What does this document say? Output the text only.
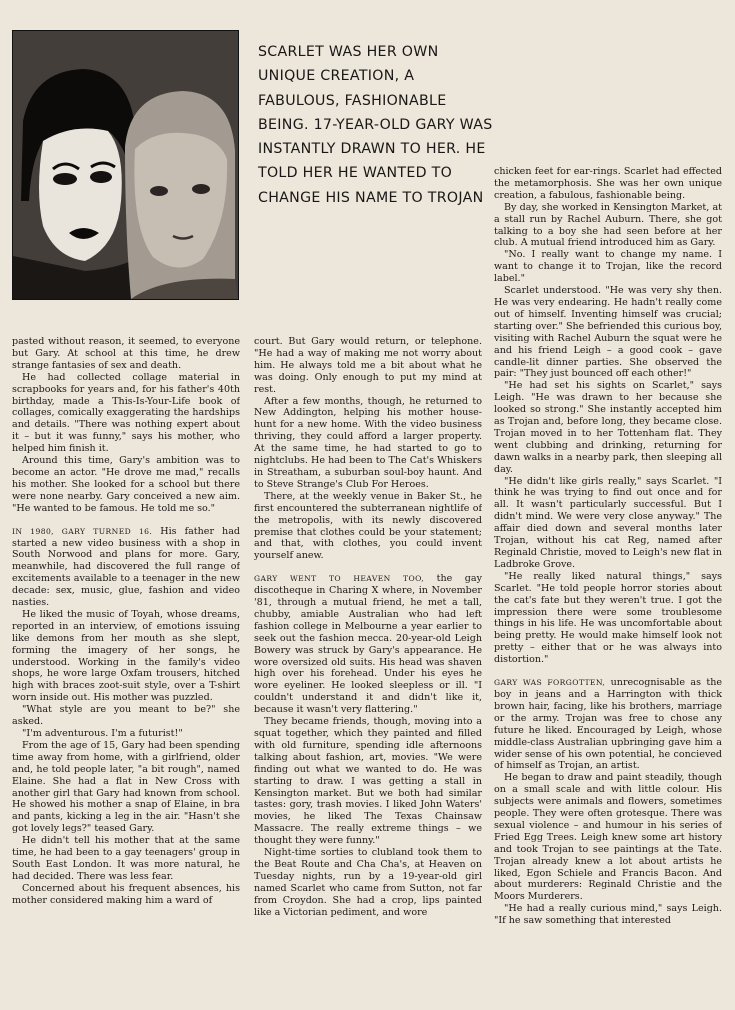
SCARLET WAS HER OWN UNIQUE CREATION, A FABULOUS, FASHIONABLE BEING. 17-YEAR-OLD GARY WAS INSTANTLY DRAWN TO HER. HE TOLD HER HE WANTED TO CHANGE HIS NAME TO TROJAN

pasted without reason, it seemed, to everyone but Gary. At school at this time, he drew strange fantasies of sex and death.

He had collected collage material in scrapbooks for years and, for his father's 40th birthday, made a This-Is-Your-Life book of collages, comically exaggerating the hardships and details. "There was nothing expert about it – but it was funny," says his mother, who helped him finish it.

Around this time, Gary's ambition was to become an actor. "He drove me mad," recalls his mother. She looked for a school but there were none nearby. Gary conceived a new aim. "He wanted to be famous. He told me so."

IN 1980, GARY TURNED 16. His father had started a new video business with a shop in South Norwood and plans for more. Gary, meanwhile, had discovered the full range of excitements available to a teenager in the new decade: sex, music, glue, fashion and video nasties.

He liked the music of Toyah, whose dreams, reported in an interview, of emotions issuing like demons from her mouth as she slept, forming the imagery of her songs, he understood. Working in the family's video shops, he wore large Oxfam trousers, hitched high with braces zoot-suit style, over a T-shirt worn inside out. His mother was puzzled.

"What style are you meant to be?" she asked.

"I'm adventurous. I'm a futurist!"

From the age of 15, Gary had been spending time away from home, with a girlfriend, older and, he told people later, "a bit rough", named Elaine. She had a flat in New Cross with another girl that Gary had known from school. He showed his mother a snap of Elaine, in bra and pants, kicking a leg in the air. "Hasn't she got lovely legs?" teased Gary.

He didn't tell his mother that at the same time, he had been to a gay teenagers' group in South East London. It was more natural, he had decided. There was less fear.

Concerned about his frequent absences, his mother considered making him a ward of

court. But Gary would return, or telephone. "He had a way of making me not worry about him. He always told me a bit about what he was doing. Only enough to put my mind at rest.

After a few months, though, he returned to New Addington, helping his mother house-hunt for a new home. With the video business thriving, they could afford a larger property. At the same time, he had started to go to nightclubs. He had been to The Cat's Whiskers in Streatham, a suburban soul-boy haunt. And to Steve Strange's Club For Heroes.

There, at the weekly venue in Baker St., he first encountered the subterranean nightlife of the metropolis, with its newly discovered premise that clothes could be your statement; and that, with clothes, you could invent yourself anew.

GARY WENT TO HEAVEN TOO, the gay discotheque in Charing X where, in November '81, through a mutual friend, he met a tall, chubby, amiable Australian who had left fashion college in Melbourne a year earlier to seek out the fashion mecca. 20-year-old Leigh Bowery was struck by Gary's appearance. He wore oversized old suits. His head was shaven high over his forehead. Under his eyes he wore eyeliner. He looked sleepless or ill. "I couldn't understand it and didn't like it, because it wasn't very flattering."

They became friends, though, moving into a squat together, which they painted and filled with old furniture, spending idle afternoons talking about fashion, art, movies. "We were finding out what we wanted to do. He was starting to draw. I was getting a stall in Kensington market. But we both had similar tastes: gory, trash movies. I liked John Waters' movies, he liked The Texas Chainsaw Massacre. The really extreme things – we thought they were funny."

Night-time sorties to clubland took them to the Beat Route and Cha Cha's, at Heaven on Tuesday nights, run by a 19-year-old girl named Scarlet who came from Sutton, not far from Croydon. She had a crop, lips painted like a Victorian pediment, and wore

chicken feet for ear-rings. Scarlet had effected the metamorphosis. She was her own unique creation, a fabulous, fashionable being.

By day, she worked in Kensington Market, at a stall run by Rachel Auburn. There, she got talking to a boy she had seen before at her club. A mutual friend introduced him as Gary.

"No. I really want to change my name. I want to change it to Trojan, like the record label."

Scarlet understood. "He was very shy then. He was very endearing. He hadn't really come out of himself. Inventing himself was crucial; starting over." She befriended this curious boy, visiting with Rachel Auburn the squat were he and his friend Leigh – a good cook – gave candle-lit dinner parties. She observed the pair: "They just bounced off each other!"

"He had set his sights on Scarlet," says Leigh. "He was drawn to her because she looked so strong." She instantly accepted him as Trojan and, before long, they became close. Trojan moved in to her Tottenham flat. They went clubbing and drinking, returning for dawn walks in a nearby park, then sleeping all day.

"He didn't like girls really," says Scarlet. "I think he was trying to find out once and for all. It wasn't particularly successful. But I didn't mind. We were very close anyway." The affair died down and several months later Trojan, without his cat Reg, named after Reginald Christie, moved to Leigh's new flat in Ladbroke Grove.

"He really liked natural things," says Scarlet. "He told people horror stories about the cat's fate but they weren't true. I got the impression there were some troublesome things in his life. He was uncomfortable about being pretty. He would make himself look not pretty – either that or he was always into distortion."

GARY WAS FORGOTTEN, unrecognisable as the boy in jeans and a Harrington with thick brown hair, facing, like his brothers, marriage or the army. Trojan was free to chose any future he liked. Encouraged by Leigh, whose middle-class Australian upbringing gave him a wider sense of his own potential, he concieved of himself as Trojan, an artist.

He began to draw and paint steadily, though on a small scale and with little colour. His subjects were animals and flowers, sometimes people. They were often grotesque. There was sexual violence – and humour in his series of Fried Egg Trees. Leigh knew some art history and took Trojan to see paintings at the Tate. Trojan already knew a lot about artists he liked, Egon Schiele and Francis Bacon. And about murderers: Reginald Christie and the Moors Murderers.

"He had a really curious mind," says Leigh. "If he saw something that interested
